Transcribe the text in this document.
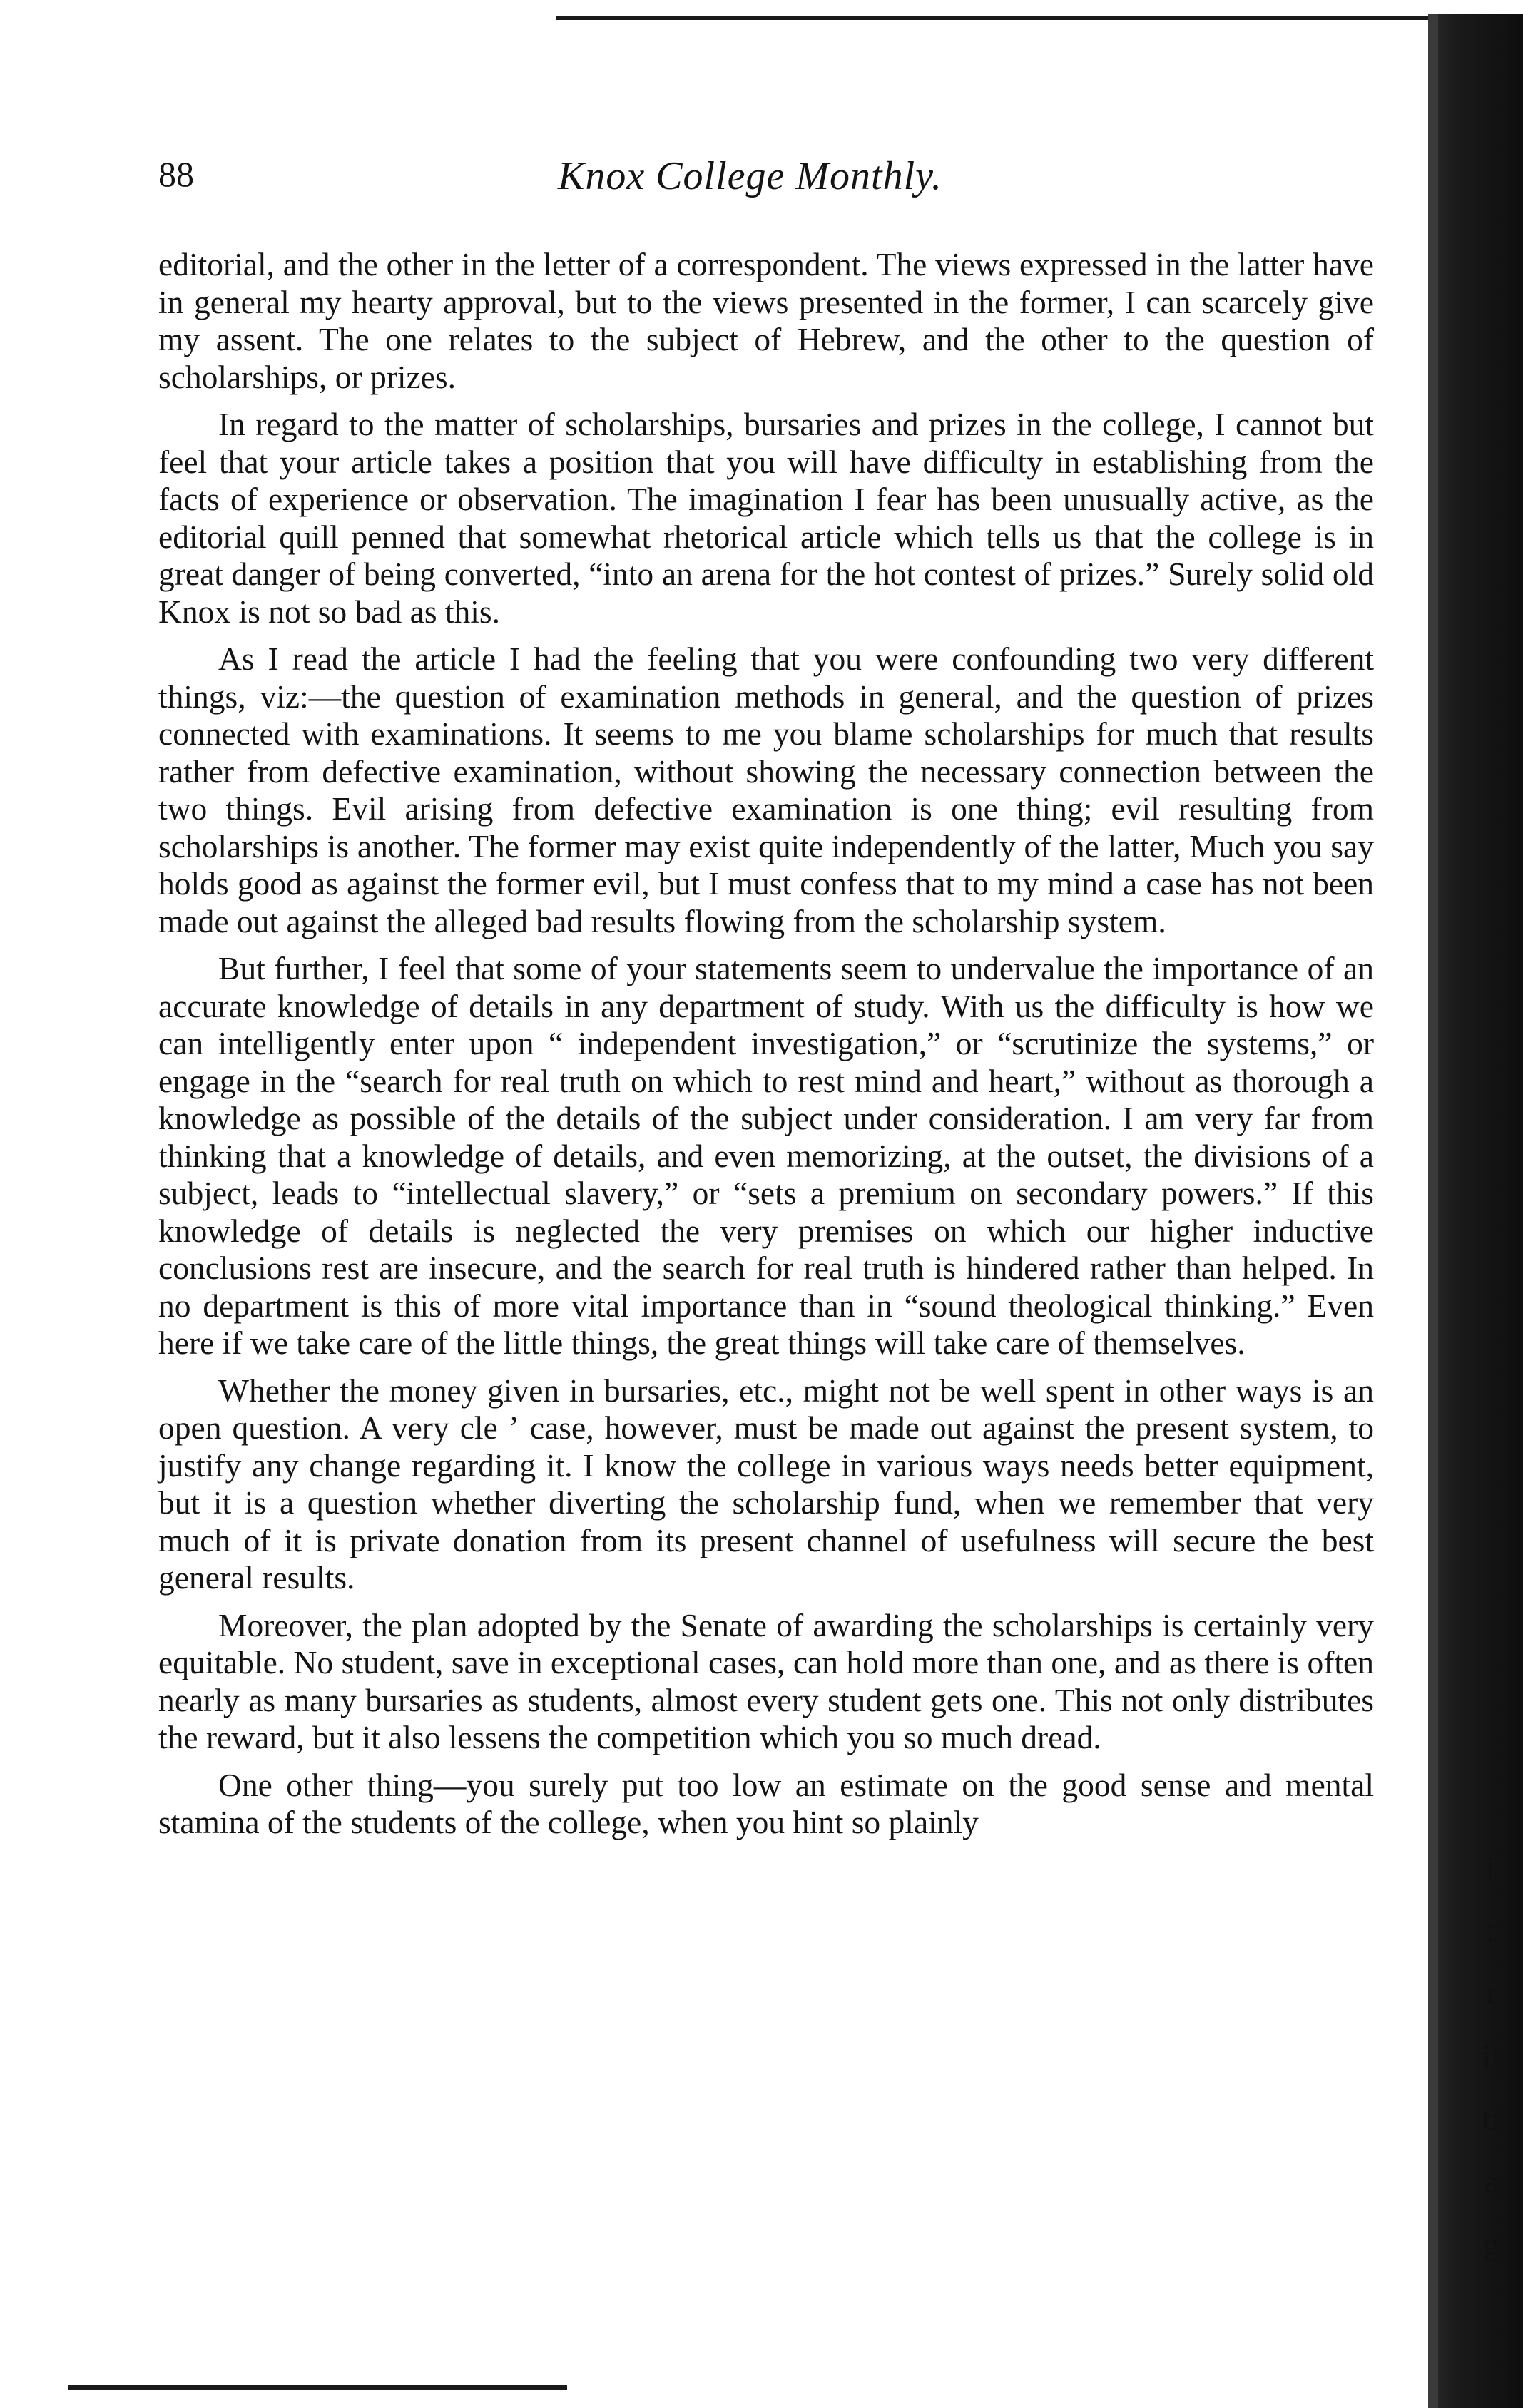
88	Knox College Monthly.

editorial, and the other in the letter of a correspondent. The views expressed in the latter have in general my hearty approval, but to the views presented in the former, I can scarcely give my assent. The one relates to the subject of Hebrew, and the other to the question of scholarships, or prizes.

In regard to the matter of scholarships, bursaries and prizes in the college, I cannot but feel that your article takes a position that you will have difficulty in establishing from the facts of experience or observation. The imagination I fear has been unusually active, as the editorial quill penned that somewhat rhetorical article which tells us that the college is in great danger of being converted, “into an arena for the hot contest of prizes.” Surely solid old Knox is not so bad as this.

As I read the article I had the feeling that you were confounding two very different things, viz:—the question of examination methods in general, and the question of prizes connected with examinations. It seems to me you blame scholarships for much that results rather from defective examination, without showing the necessary connection between the two things. Evil arising from defective examination is one thing; evil resulting from scholarships is another. The former may exist quite independently of the latter, Much you say holds good as against the former evil, but I must confess that to my mind a case has not been made out against the alleged bad results flowing from the scholarship system.

But further, I feel that some of your statements seem to undervalue the importance of an accurate knowledge of details in any department of study. With us the difficulty is how we can intelligently enter upon “ independent investigation,” or “scrutinize the systems,” or engage in the “search for real truth on which to rest mind and heart,” without as thorough a knowledge as possible of the details of the subject under consideration. I am very far from thinking that a knowledge of details, and even memorizing, at the outset, the divisions of a subject, leads to “intellectual slavery,” or “sets a premium on secondary powers.” If this knowledge of details is neglected the very premises on which our higher inductive conclusions rest are insecure, and the search for real truth is hindered rather than helped. In no department is this of more vital importance than in “sound theological thinking.” Even here if we take care of the little things, the great things will take care of themselves.

Whether the money given in bursaries, etc., might not be well spent in other ways is an open question. A very cle ʼ case, however, must be made out against the present system, to justify any change regarding it. I know the college in various ways needs better equipment, but it is a question whether diverting the scholarship fund, when we remember that very much of it is private donation from its present channel of usefulness will secure the best general results.

Moreover, the plan adopted by the Senate of awarding the scholarships is certainly very equitable. No student, save in exceptional cases, can hold more than one, and as there is often nearly as many bursaries as students, almost every student gets one. This not only distributes the reward, but it also lessens the competition which you so much dread.

One other thing—you surely put too low an estimate on the good sense and mental stamina of the students of the college, when you hint so plainly

i
:
ı
iı
tı
a
g
